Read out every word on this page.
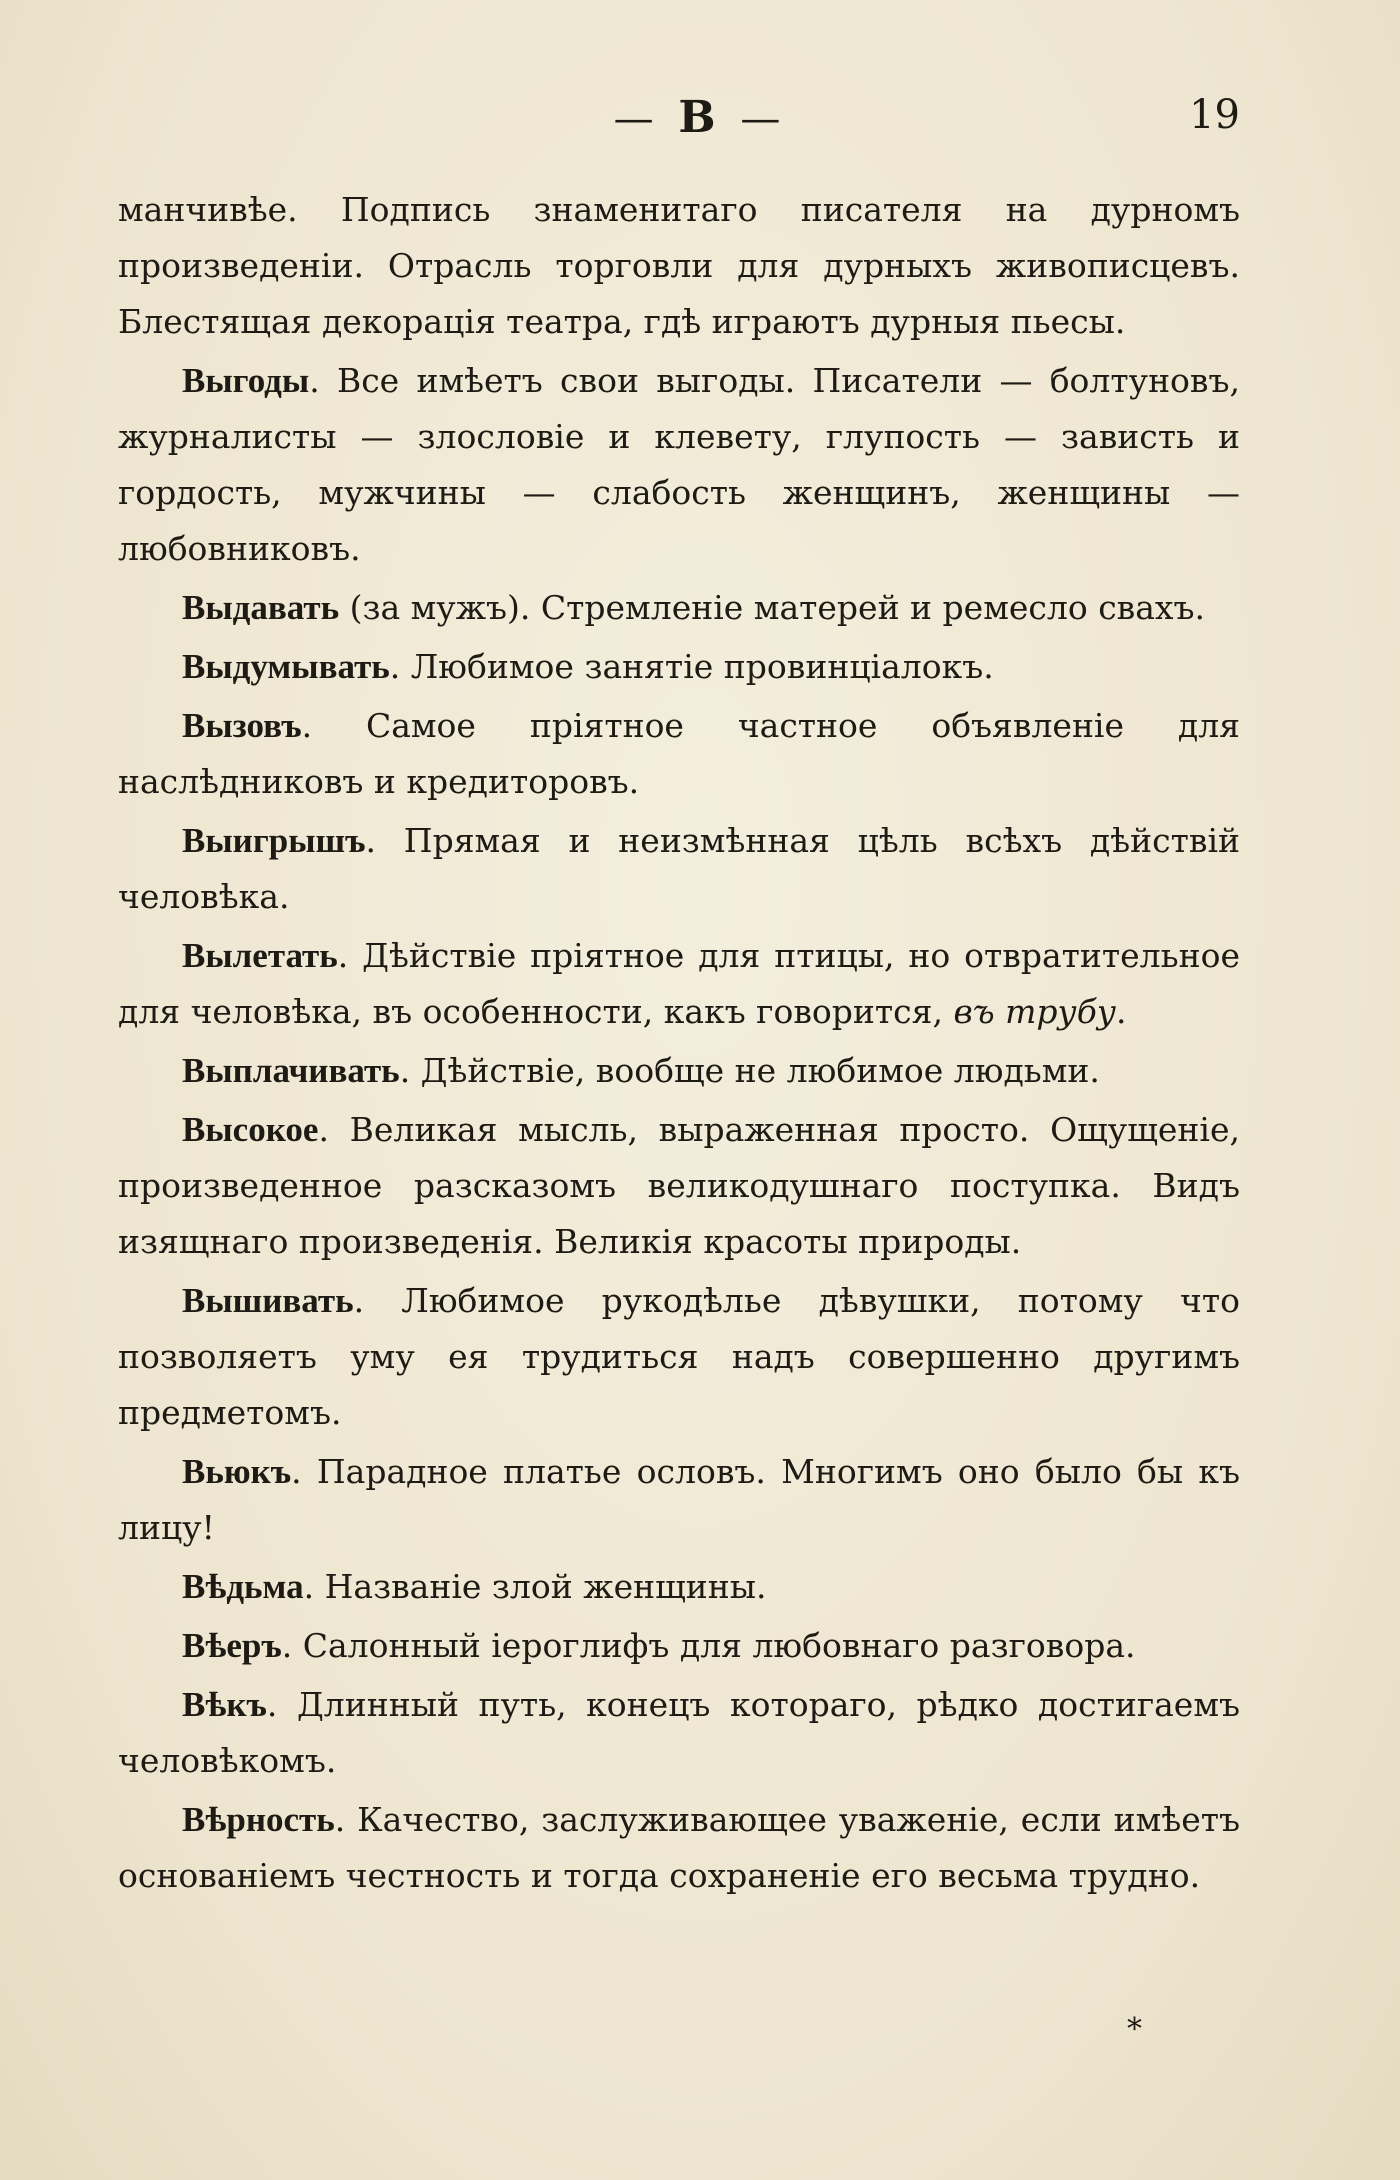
— В —	19

манчивѣе. Подпись знаменитаго писателя на дурномъ произведеніи. Отрасль торговли для дурныхъ живописцевъ. Блестящая декорація театра, гдѣ играютъ дурныя пьесы.

Выгоды. Все имѣетъ свои выгоды. Писатели — болтуновъ, журналисты — злословіе и клевету, глупость — зависть и гордость, мужчины — слабость женщинъ, женщины — любовниковъ.

Выдавать (за мужъ). Стремленіе матерей и ремесло свахъ.

Выдумывать. Любимое занятіе провинціалокъ.

Вызовъ. Самое пріятное частное объявленіе для наслѣдниковъ и кредиторовъ.

Выигрышъ. Прямая и неизмѣнная цѣль всѣхъ дѣйствій человѣка.

Вылетать. Дѣйствіе пріятное для птицы, но отвратительное для человѣка, въ особенности, какъ говорится, въ трубу.

Выплачивать. Дѣйствіе, вообще не любимое людьми.

Высокое. Великая мысль, выраженная просто. Ощущеніе, произведенное разсказомъ великодушнаго поступка. Видъ изящнаго произведенія. Великія красоты природы.

Вышивать. Любимое рукодѣлье дѣвушки, потому что позволяетъ уму ея трудиться надъ совершенно другимъ предметомъ.

Вьюкъ. Парадное платье ословъ. Многимъ оно было бы къ лицу!

Вѣдьма. Названіе злой женщины.

Вѣеръ. Салонный іероглифъ для любовнаго разговора.

Вѣкъ. Длинный путь, конецъ котораго, рѣдко достигаемъ человѣкомъ.

Вѣрность. Качество, заслуживающее уваженіе, если имѣетъ основаніемъ честность и тогда сохраненіе его весьма трудно.

*
